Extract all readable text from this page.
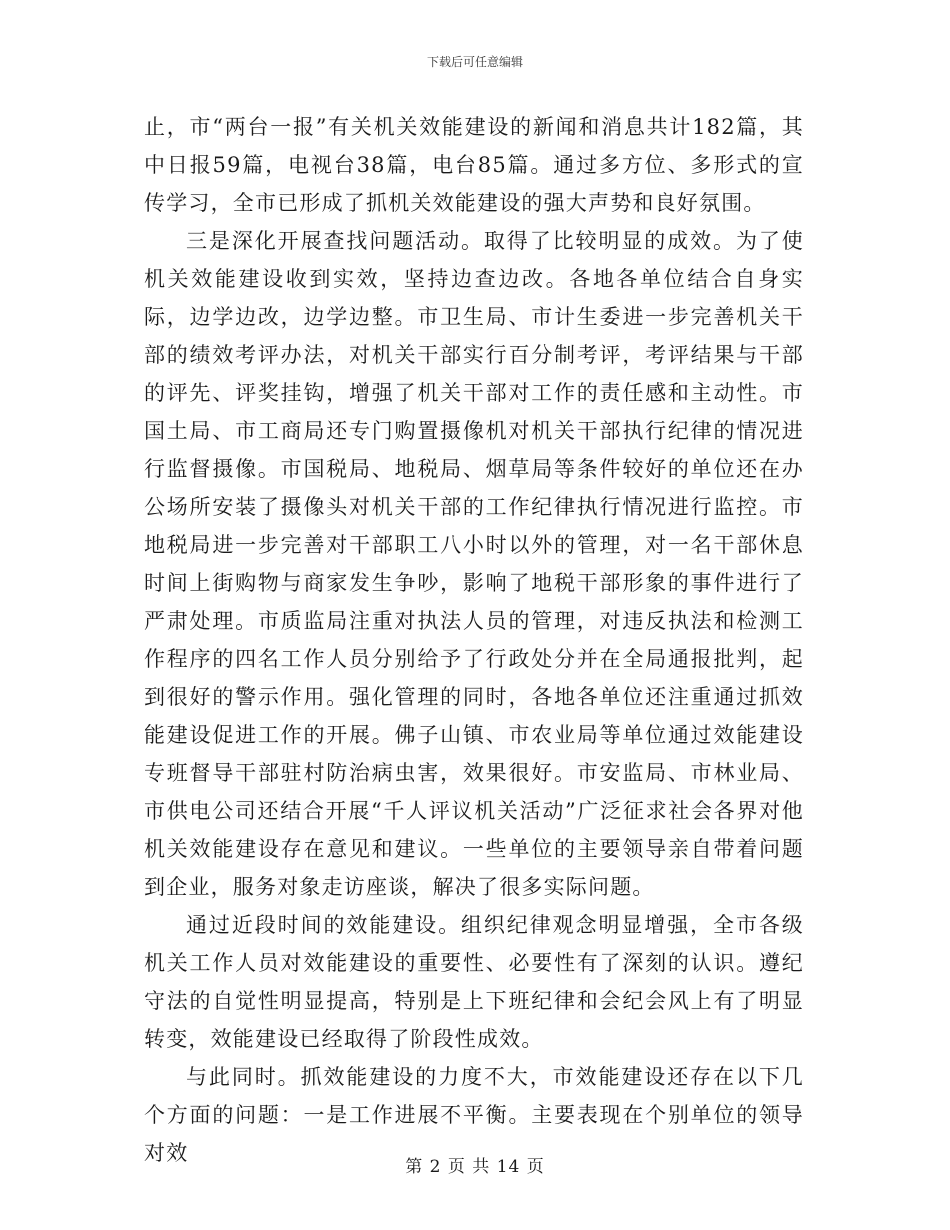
下载后可任意编辑

止，市“两台一报”有关机关效能建设的新闻和消息共计182篇，其中日报59篇，电视台38篇，电台85篇。通过多方位、多形式的宣传学习，全市已形成了抓机关效能建设的强大声势和良好氛围。

三是深化开展查找问题活动。取得了比较明显的成效。为了使机关效能建设收到实效，坚持边查边改。各地各单位结合自身实际，边学边改，边学边整。市卫生局、市计生委进一步完善机关干部的绩效考评办法，对机关干部实行百分制考评，考评结果与干部的评先、评奖挂钩，增强了机关干部对工作的责任感和主动性。市国土局、市工商局还专门购置摄像机对机关干部执行纪律的情况进行监督摄像。市国税局、地税局、烟草局等条件较好的单位还在办公场所安装了摄像头对机关干部的工作纪律执行情况进行监控。市地税局进一步完善对干部职工八小时以外的管理，对一名干部休息时间上街购物与商家发生争吵，影响了地税干部形象的事件进行了严肃处理。市质监局注重对执法人员的管理，对违反执法和检测工作程序的四名工作人员分别给予了行政处分并在全局通报批判，起到很好的警示作用。强化管理的同时，各地各单位还注重通过抓效能建设促进工作的开展。佛子山镇、市农业局等单位通过效能建设专班督导干部驻村防治病虫害，效果很好。市安监局、市林业局、市供电公司还结合开展“千人评议机关活动”广泛征求社会各界对他机关效能建设存在意见和建议。一些单位的主要领导亲自带着问题到企业，服务对象走访座谈，解决了很多实际问题。

通过近段时间的效能建设。组织纪律观念明显增强，全市各级机关工作人员对效能建设的重要性、必要性有了深刻的认识。遵纪守法的自觉性明显提高，特别是上下班纪律和会纪会风上有了明显转变，效能建设已经取得了阶段性成效。

与此同时。抓效能建设的力度不大，市效能建设还存在以下几个方面的问题：一是工作进展不平衡。主要表现在个别单位的领导对效

第 2 页 共 14 页
